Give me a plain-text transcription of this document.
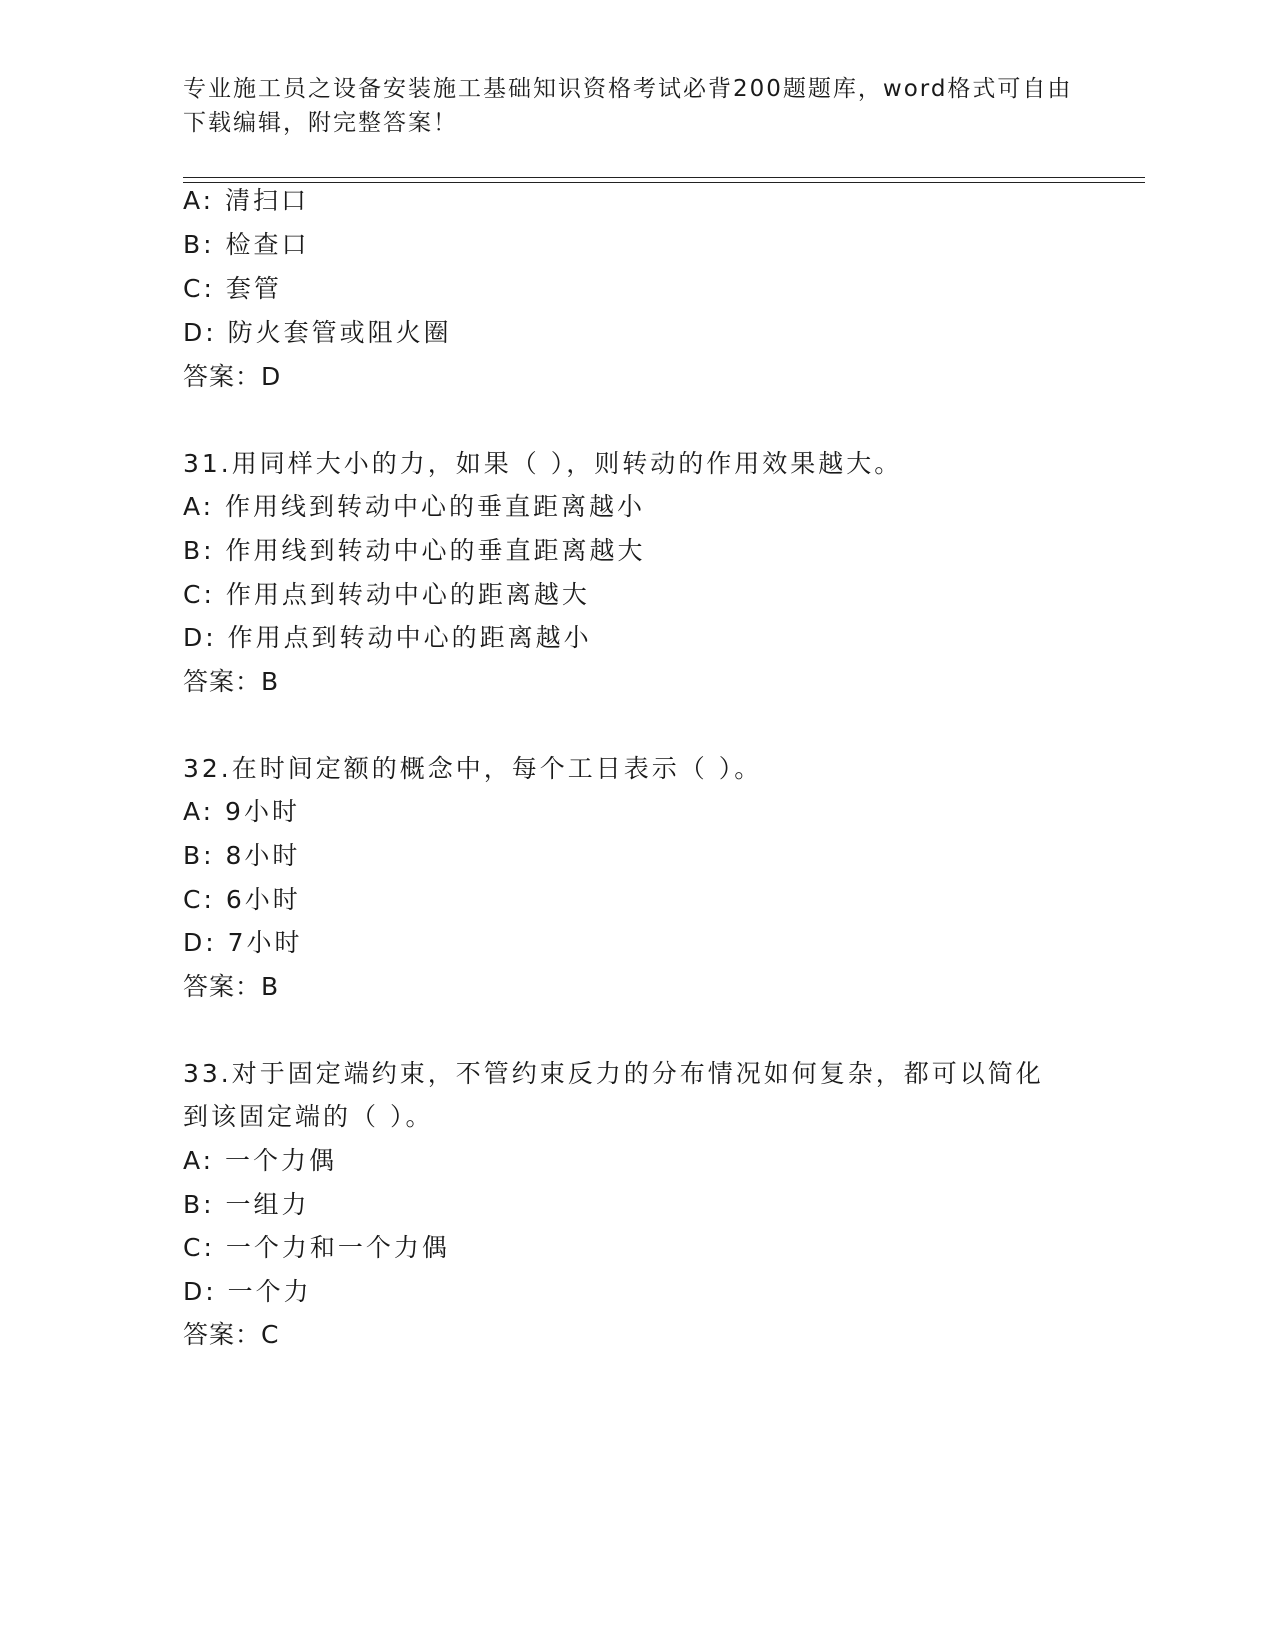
专业施工员之设备安装施工基础知识资格考试必背200题题库，word格式可自由
下载编辑，附完整答案！
A: 清扫口
B: 检查口
C: 套管
D: 防火套管或阻火圈
答案：D
31.用同样大小的力，如果（ ），则转动的作用效果越大。
A: 作用线到转动中心的垂直距离越小
B: 作用线到转动中心的垂直距离越大
C: 作用点到转动中心的距离越大
D: 作用点到转动中心的距离越小
答案：B
32.在时间定额的概念中，每个工日表示（ ）。
A: 9小时
B: 8小时
C: 6小时
D: 7小时
答案：B
33.对于固定端约束，不管约束反力的分布情况如何复杂，都可以简化
到该固定端的（ ）。
A: 一个力偶
B: 一组力
C: 一个力和一个力偶
D: 一个力
答案：C
